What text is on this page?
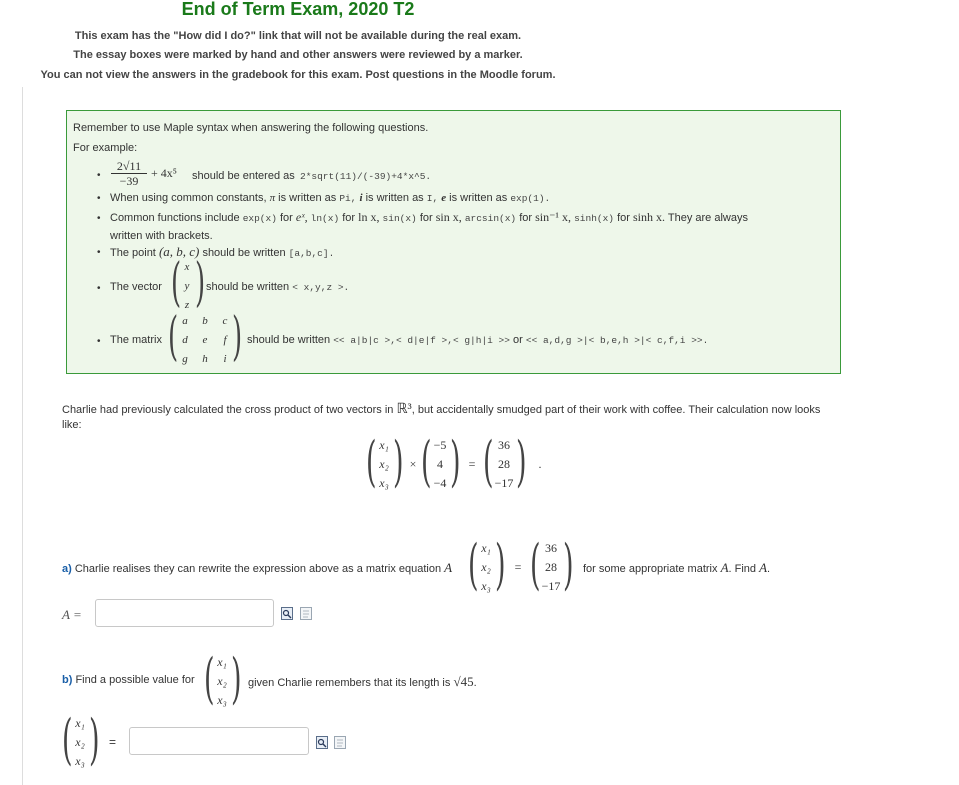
End of Term Exam, 2020 T2
This exam has the "How did I do?" link that will not be available during the real exam.
The essay boxes were marked by hand and other answers were reviewed by a marker.
You can not view the answers in the gradebook for this exam. Post questions in the Moodle forum.
Remember to use Maple syntax when answering the following questions.
For example:
• $\frac{2√11}{-39} + 4x^5$ should be entered as 2*sqrt(11)/(-39)+4*x^5.
• When using common constants, π is written as Pi, i is written as I, e is written as exp(1).
• Common functions include exp(x) for eˣ, ln(x) for ln x, sin(x) for sin x, arcsin(x) for sin⁻¹ x, sinh(x) for sinh x. They are always
written with brackets.
• The point (a, b, c) should be written [a,b,c].
• The vector ( x
y
z ) should be written < x,y,z >.
• The matrix ( a	b	c
d	e	f
g	h	i ) should be written << a|b|c >,< d|e|f >,< g|h|i >> or << a,d,g >|< b,e,h >|< c,f,i >>.
Charlie had previously calculated the cross product of two vectors in ℝ³, but accidentally smudged part of their work with coffee. Their calculation now looks
like:
( x₁
x₂
x₃ ) × ( −5
4
−4 ) = ( 36
28
−17 ) .
a) Charlie realises they can rewrite the expression above as a matrix equation A ( x₁
x₂
x₃ ) = ( 36
28
−17 ) for some appropriate matrix A. Find A.
A =
b) Find a possible value for ( x₁
x₂
x₃ ) given Charlie remembers that its length is √45.
( x₁
x₂
x₃ ) =
